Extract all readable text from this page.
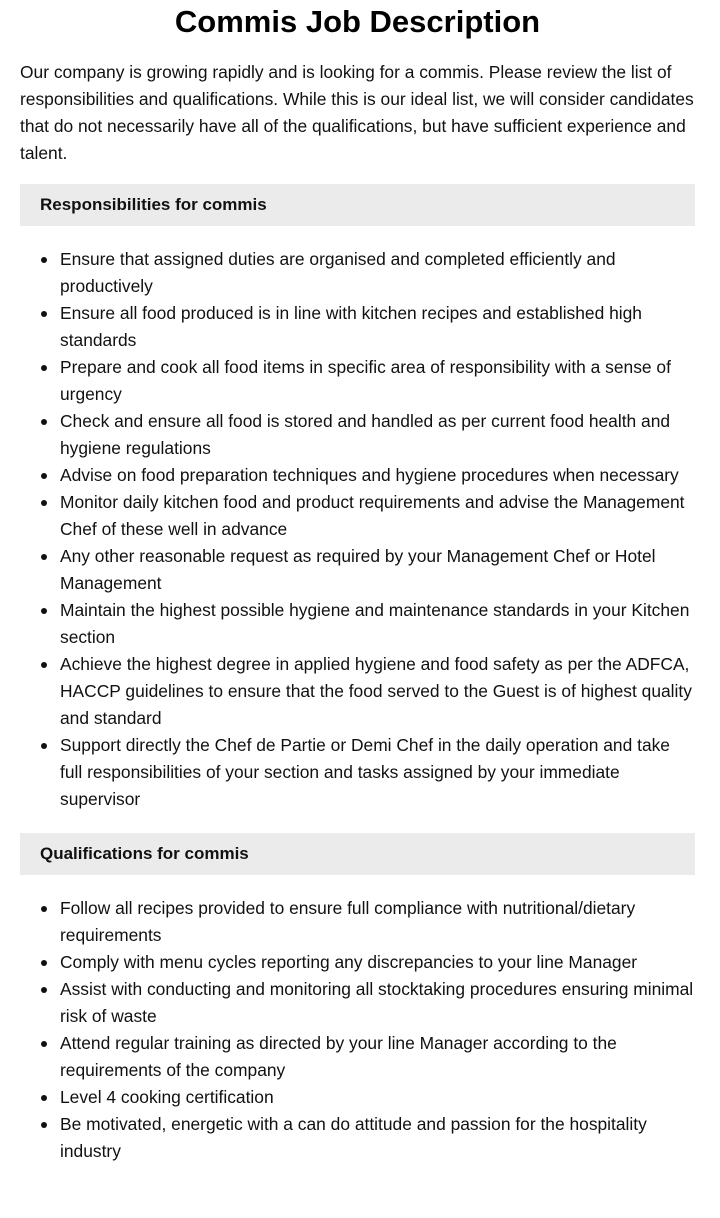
Commis Job Description

Our company is growing rapidly and is looking for a commis. Please review the list of responsibilities and qualifications. While this is our ideal list, we will consider candidates that do not necessarily have all of the qualifications, but have sufficient experience and talent.

Responsibilities for commis
Ensure that assigned duties are organised and completed efficiently and productively
Ensure all food produced is in line with kitchen recipes and established high standards
Prepare and cook all food items in specific area of responsibility with a sense of urgency
Check and ensure all food is stored and handled as per current food health and hygiene regulations
Advise on food preparation techniques and hygiene procedures when necessary
Monitor daily kitchen food and product requirements and advise the Management Chef of these well in advance
Any other reasonable request as required by your Management Chef or Hotel Management
Maintain the highest possible hygiene and maintenance standards in your Kitchen section
Achieve the highest degree in applied hygiene and food safety as per the ADFCA, HACCP guidelines to ensure that the food served to the Guest is of highest quality and standard
Support directly the Chef de Partie or Demi Chef in the daily operation and take full responsibilities of your section and tasks assigned by your immediate supervisor
Qualifications for commis
Follow all recipes provided to ensure full compliance with nutritional/dietary requirements
Comply with menu cycles reporting any discrepancies to your line Manager
Assist with conducting and monitoring all stocktaking procedures ensuring minimal risk of waste
Attend regular training as directed by your line Manager according to the requirements of the company
Level 4 cooking certification
Be motivated, energetic with a can do attitude and passion for the hospitality industry
